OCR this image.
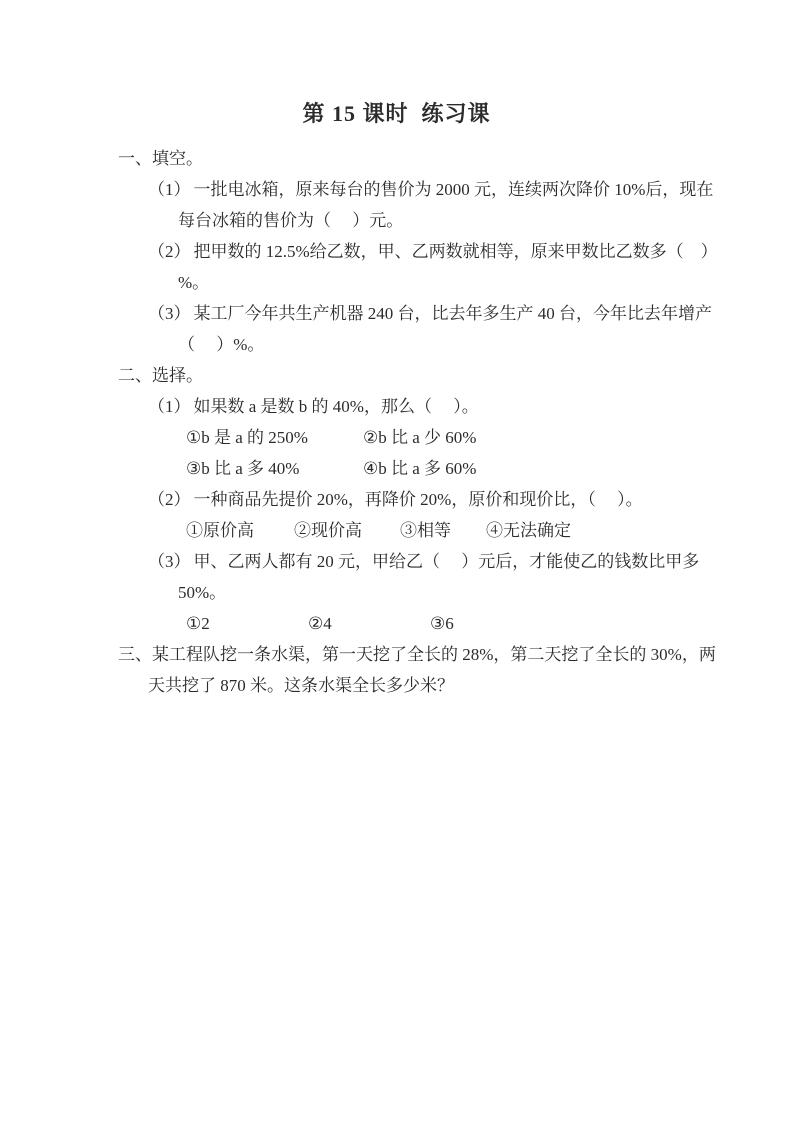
第 15 课时  练习课
一、填空。
（1） 一批电冰箱，原来每台的售价为 2000 元，连续两次降价 10%后，现在
每台冰箱的售价为（     ）元。
（2） 把甲数的 12.5%给乙数，甲、乙两数就相等，原来甲数比乙数多（    ）
%。
（3） 某工厂今年共生产机器 240 台，比去年多生产 40 台，今年比去年增产
（     ）%。
二、选择。
（1） 如果数 a 是数 b 的 40%，那么（     ）。
①b 是 a 的 250%	②b 比 a 少 60%
③b 比 a 多 40%	④b 比 a 多 60%
（2） 一种商品先提价 20%，再降价 20%，原价和现价比，（     ）。
①原价高 ②现价高 ③相等 ④无法确定
（3） 甲、乙两人都有 20 元，甲给乙（     ）元后，才能使乙的钱数比甲多
50%。
①2	②4	③6
三、某工程队挖一条水渠，第一天挖了全长的 28%，第二天挖了全长的 30%，两
天共挖了 870 米。这条水渠全长多少米？
